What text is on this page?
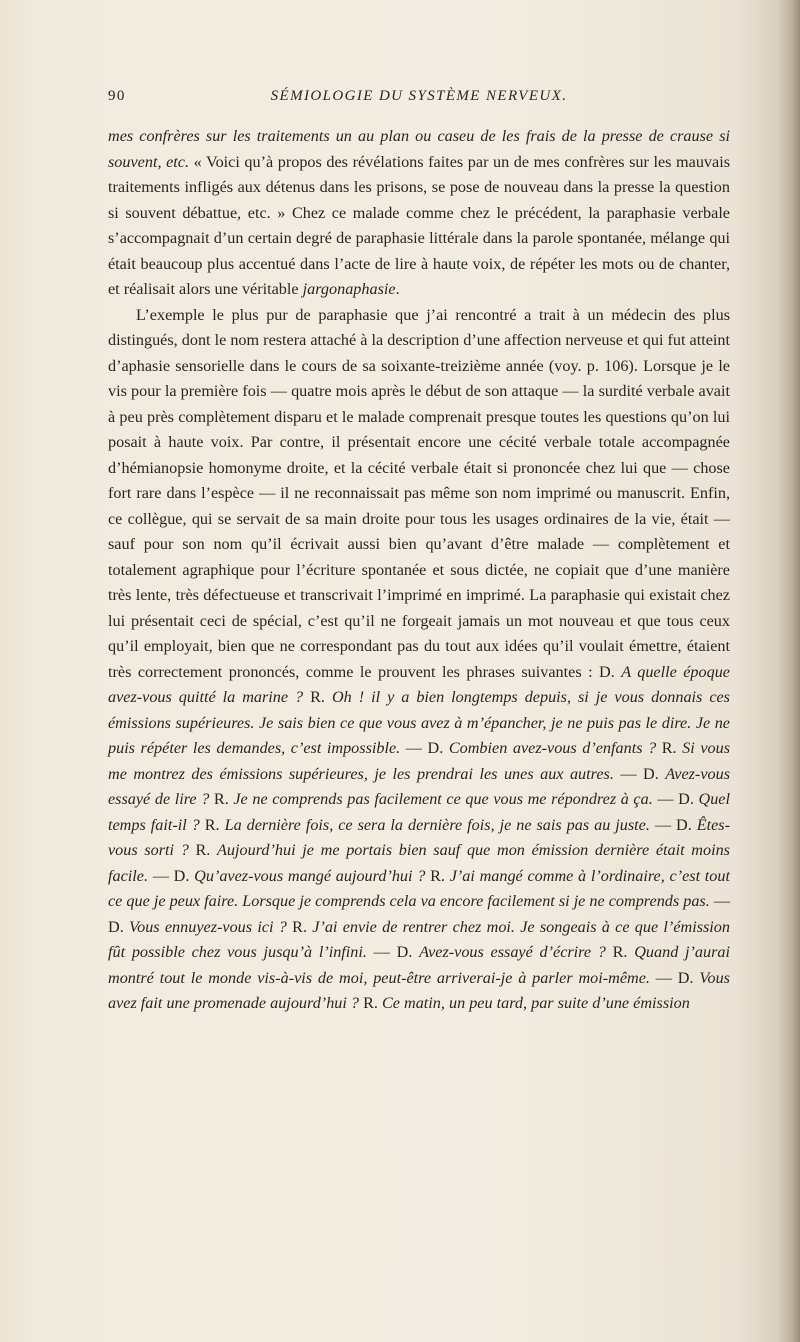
90	SÉMIOLOGIE DU SYSTÈME NERVEUX.

mes confrères sur les traitements un au plan ou caseu de les frais de la presse de crause si souvent, etc. « Voici qu’à propos des révélations faites par un de mes confrères sur les mauvais traitements infligés aux détenus dans les prisons, se pose de nouveau dans la presse la question si souvent débattue, etc. » Chez ce malade comme chez le précédent, la paraphasie verbale s’accompagnait d’un certain degré de paraphasie littérale dans la parole spontanée, mélange qui était beaucoup plus accentué dans l’acte de lire à haute voix, de répéter les mots ou de chanter, et réalisait alors une véritable jargonaphasie.

L’exemple le plus pur de paraphasie que j’ai rencontré a trait à un médecin des plus distingués, dont le nom restera attaché à la description d’une affection nerveuse et qui fut atteint d’aphasie sensorielle dans le cours de sa soixante-treizième année (voy. p. 106). Lorsque je le vis pour la première fois — quatre mois après le début de son attaque — la surdité verbale avait à peu près complètement disparu et le malade comprenait presque toutes les questions qu’on lui posait à haute voix. Par contre, il présentait encore une cécité verbale totale accompagnée d’hémianopsie homonyme droite, et la cécité verbale était si prononcée chez lui que — chose fort rare dans l’espèce — il ne reconnaissait pas même son nom imprimé ou manuscrit. Enfin, ce collègue, qui se servait de sa main droite pour tous les usages ordinaires de la vie, était — sauf pour son nom qu’il écrivait aussi bien qu’avant d’être malade — complètement et totalement agraphique pour l’écriture spontanée et sous dictée, ne copiait que d’une manière très lente, très défectueuse et transcrivait l’imprimé en imprimé. La paraphasie qui existait chez lui présentait ceci de spécial, c’est qu’il ne forgeait jamais un mot nouveau et que tous ceux qu’il employait, bien que ne correspondant pas du tout aux idées qu’il voulait émettre, étaient très correctement prononcés, comme le prouvent les phrases suivantes : D. A quelle époque avez-vous quitté la marine ? R. Oh ! il y a bien longtemps depuis, si je vous donnais ces émissions supérieures. Je sais bien ce que vous avez à m’épancher, je ne puis pas le dire. Je ne puis répéter les demandes, c’est impossible. — D. Combien avez-vous d’enfants ? R. Si vous me montrez des émissions supérieures, je les prendrai les unes aux autres. — D. Avez-vous essayé de lire ? R. Je ne comprends pas facilement ce que vous me répondrez à ça. — D. Quel temps fait-il ? R. La dernière fois, ce sera la dernière fois, je ne sais pas au juste. — D. Êtes-vous sorti ? R. Aujourd’hui je me portais bien sauf que mon émission dernière était moins facile. — D. Qu’avez-vous mangé aujourd’hui ? R. J’ai mangé comme à l’ordinaire, c’est tout ce que je peux faire. Lorsque je comprends cela va encore facilement si je ne comprends pas. — D. Vous ennuyez-vous ici ? R. J’ai envie de rentrer chez moi. Je songeais à ce que l’émission fût possible chez vous jusqu’à l’infini. — D. Avez-vous essayé d’écrire ? R. Quand j’aurai montré tout le monde vis-à-vis de moi, peut-être arriverai-je à parler moi-même. — D. Vous avez fait une promenade aujourd’hui ? R. Ce matin, un peu tard, par suite d’une émission
